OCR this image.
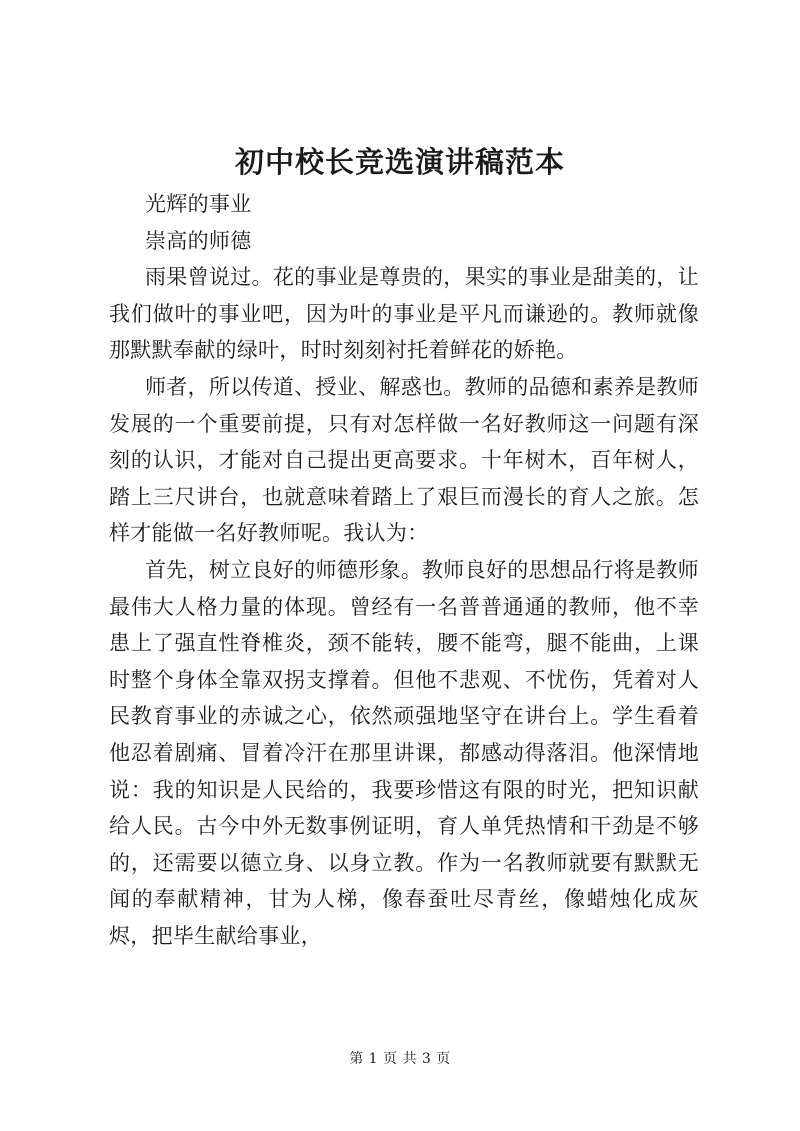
初中校长竞选演讲稿范本

光辉的事业

崇高的师德

雨果曾说过。花的事业是尊贵的，果实的事业是甜美的，让我们做叶的事业吧，因为叶的事业是平凡而谦逊的。教师就像那默默奉献的绿叶，时时刻刻衬托着鲜花的娇艳。

师者，所以传道、授业、解惑也。教师的品德和素养是教师发展的一个重要前提，只有对怎样做一名好教师这一问题有深刻的认识，才能对自己提出更高要求。十年树木，百年树人，踏上三尺讲台，也就意味着踏上了艰巨而漫长的育人之旅。怎样才能做一名好教师呢。我认为：

首先，树立良好的师德形象。教师良好的思想品行将是教师最伟大人格力量的体现。曾经有一名普普通通的教师，他不幸患上了强直性脊椎炎，颈不能转，腰不能弯，腿不能曲，上课时整个身体全靠双拐支撑着。但他不悲观、不忧伤，凭着对人民教育事业的赤诚之心，依然顽强地坚守在讲台上。学生看着他忍着剧痛、冒着冷汗在那里讲课，都感动得落泪。他深情地说：我的知识是人民给的，我要珍惜这有限的时光，把知识献给人民。古今中外无数事例证明，育人单凭热情和干劲是不够的，还需要以德立身、以身立教。作为一名教师就要有默默无闻的奉献精神，甘为人梯，像春蚕吐尽青丝，像蜡烛化成灰烬，把毕生献给事业，

第 1 页 共 3 页
